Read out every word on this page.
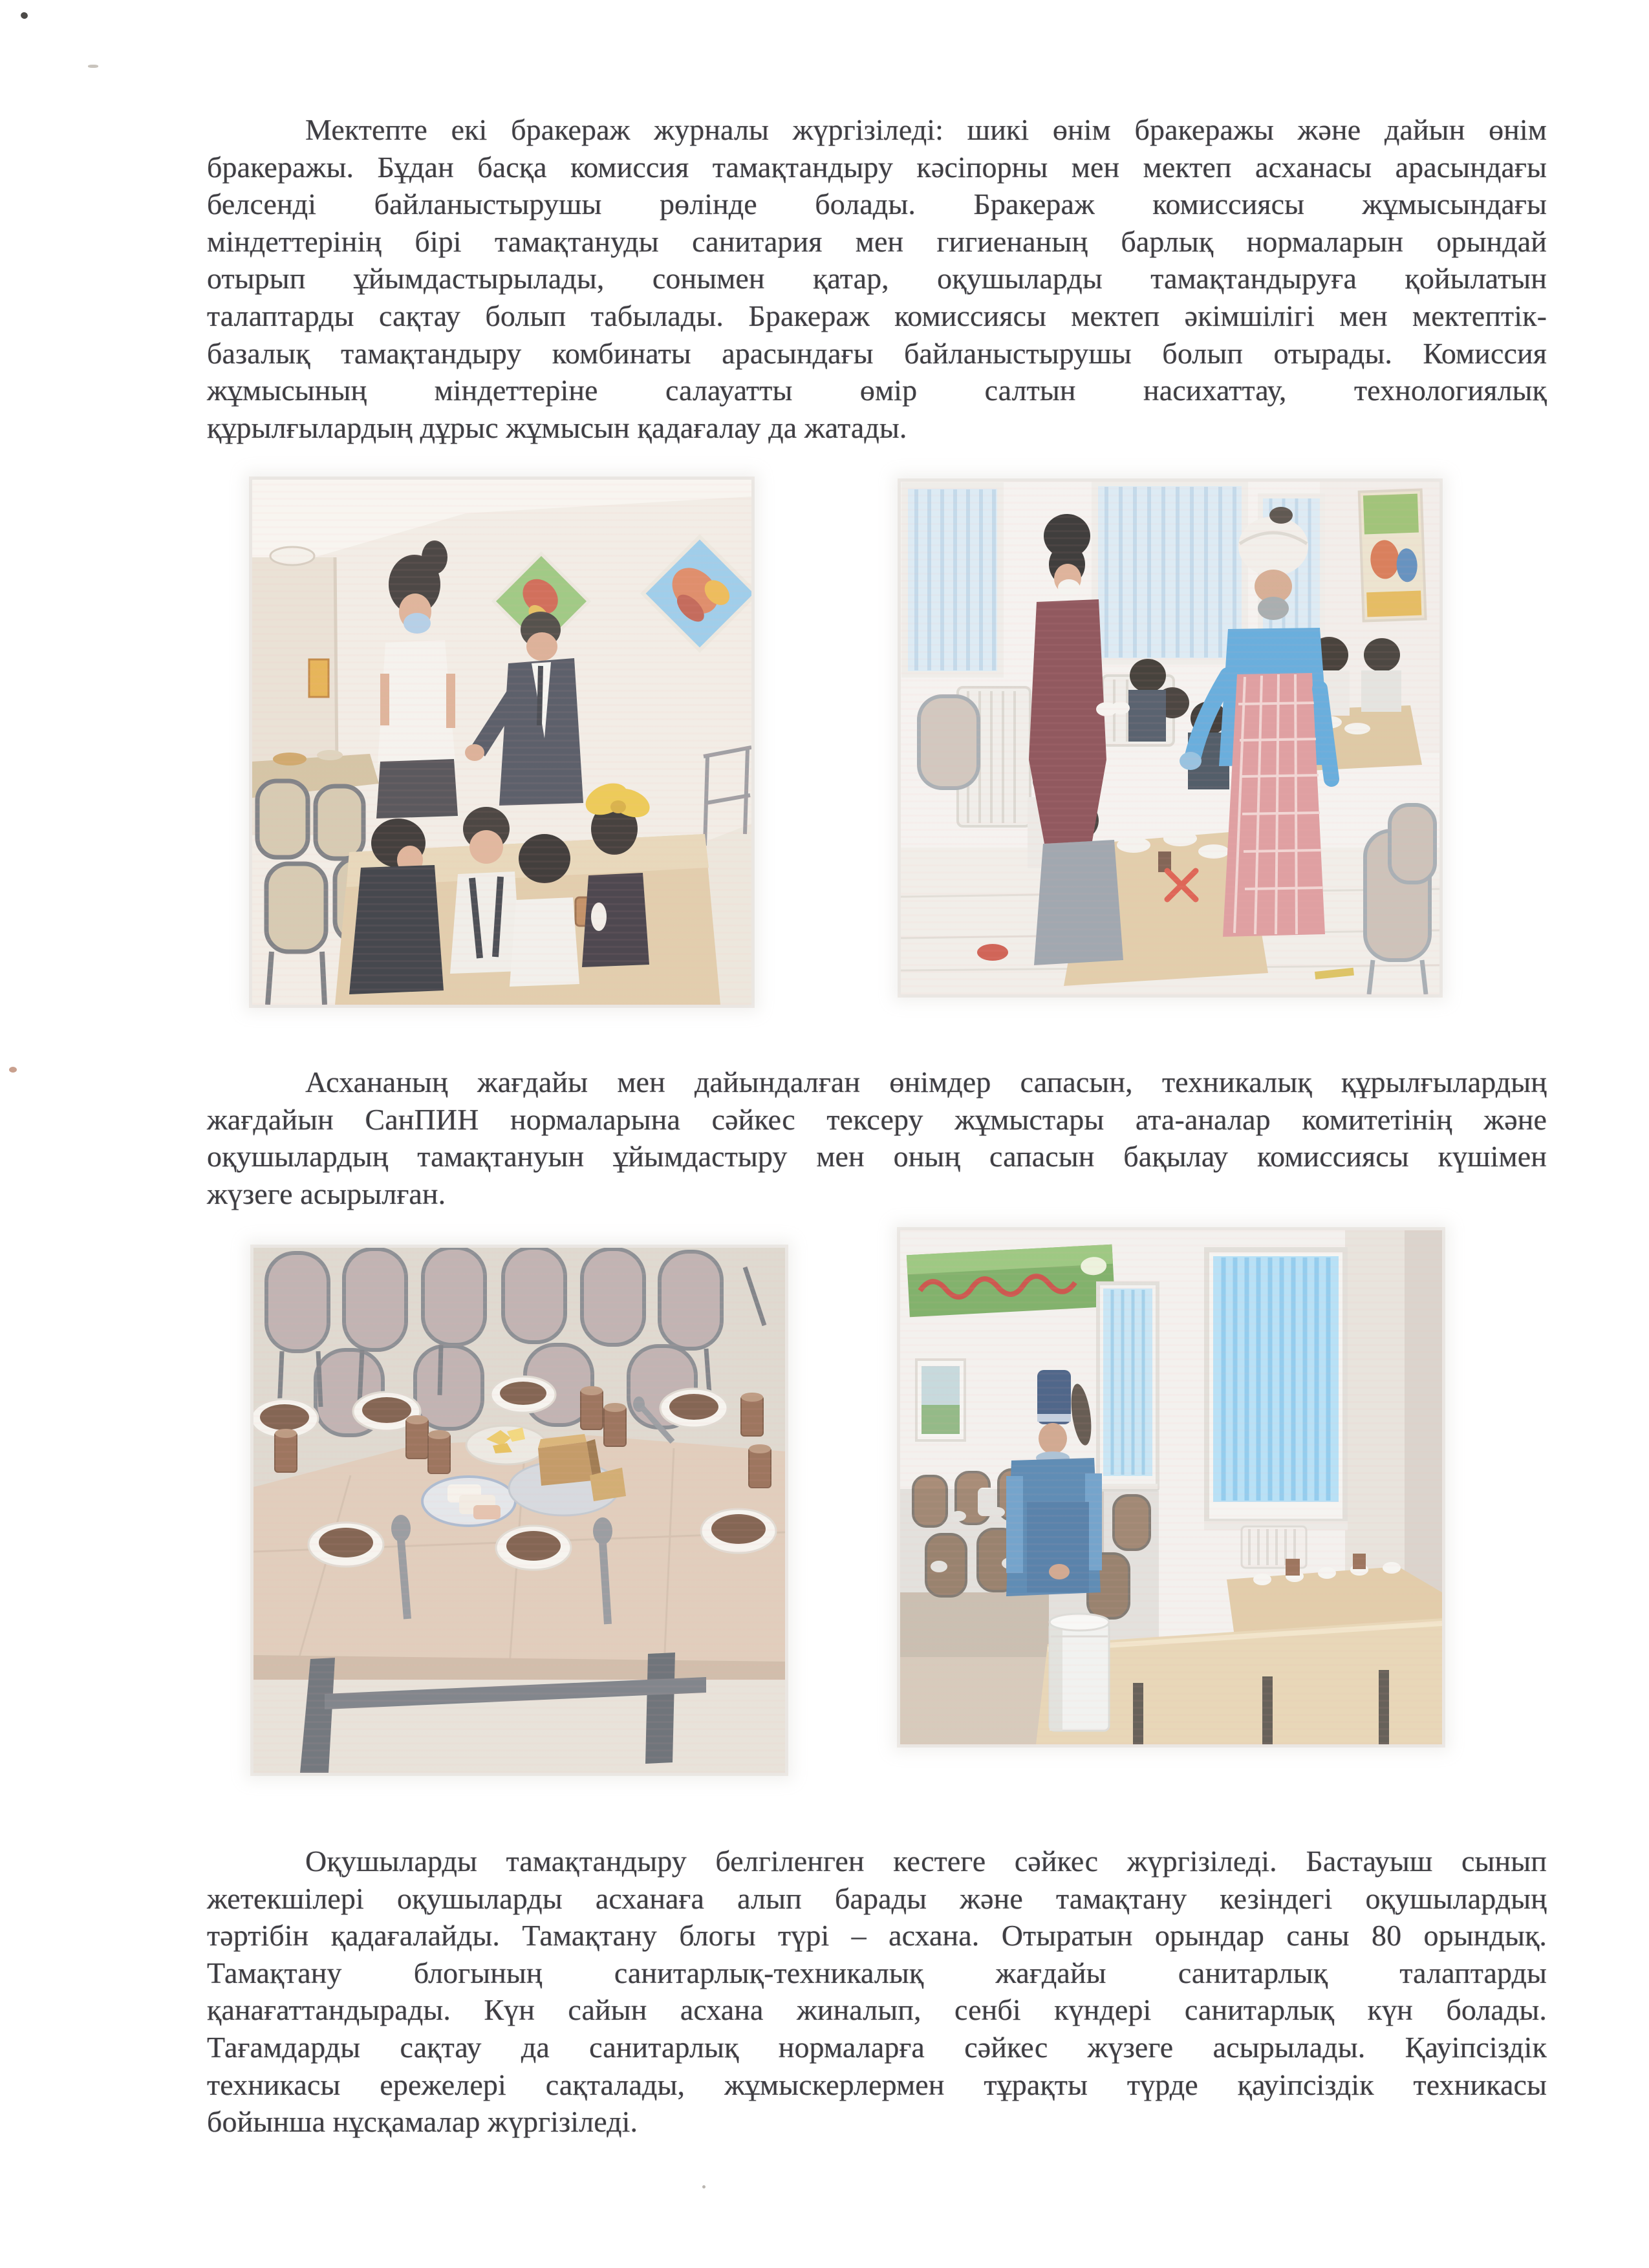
Мектепте екі бракераж журналы жүргізіледі: шикі өнім бракеражы және дайын өнім
бракеражы. Бұдан басқа комиссия тамақтандыру кәсіпорны мен мектеп асханасы арасындағы
белсенді байланыстырушы рөлінде болады. Бракераж комиссиясы жұмысындағы
міндеттерінің бірі тамақтануды санитария мен гигиенаның барлық нормаларын орындай
отырып ұйымдастырылады, сонымен қатар, оқушыларды тамақтандыруға қойылатын
талаптарды сақтау болып табылады. Бракераж комиссиясы мектеп әкімшілігі мен мектептік-
базалық тамақтандыру комбинаты арасындағы байланыстырушы болып отырады. Комиссия
жұмысының міндеттеріне салауатты өмір салтын насихаттау, технологиялық
құрылғылардың дұрыс жұмысын қадағалау да жатады.
Асхананың жағдайы мен дайындалған өнімдер сапасын, техникалық құрылғылардың
жағдайын СанПИН нормаларына сәйкес тексеру жұмыстары ата-аналар комитетінің және
оқушылардың тамақтануын ұйымдастыру мен оның сапасын бақылау комиссиясы күшімен
жүзеге асырылған.
Оқушыларды тамақтандыру белгіленген кестеге сәйкес жүргізіледі. Бастауыш сынып
жетекшілері оқушыларды асханаға алып барады және тамақтану кезіндегі оқушылардың
тәртібін қадағалайды. Тамақтану блогы түрі – асхана. Отыратын орындар саны 80 орындық.
Тамақтану блогының санитарлық-техникалық жағдайы санитарлық талаптарды
қанағаттандырады. Күн сайын асхана жиналып, сенбі күндері санитарлық күн болады.
Тағамдарды сақтау да санитарлық нормаларға сәйкес жүзеге асырылады. Қауіпсіздік
техникасы ережелері сақталады, жұмыскерлермен тұрақты түрде қауіпсіздік техникасы
бойынша нұсқамалар жүргізіледі.
